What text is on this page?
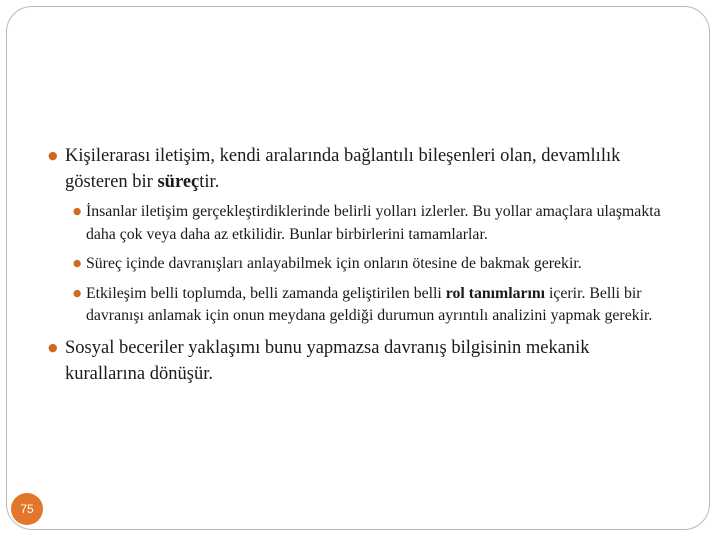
● Kişilerarası iletişim, kendi aralarında bağlantılı bileşenleri olan, devamlılık gösteren bir süreçtir.
● İnsanlar iletişim gerçekleştirdiklerinde belirli yolları izlerler. Bu yollar amaçlara ulaşmakta daha çok veya daha az etkilidir. Bunlar birbirlerini tamamlarlar.
● Süreç içinde davranışları anlayabilmek için onların ötesine de bakmak gerekir.
● Etkileşim belli toplumda, belli zamanda geliştirilen belli rol tanımlarını içerir. Belli bir davranışı anlamak için onun meydana geldiği durumun ayrıntılı analizini yapmak gerekir.
● Sosyal beceriler yaklaşımı bunu yapmazsa davranış bilgisinin mekanik kurallarına dönüşür.
75
